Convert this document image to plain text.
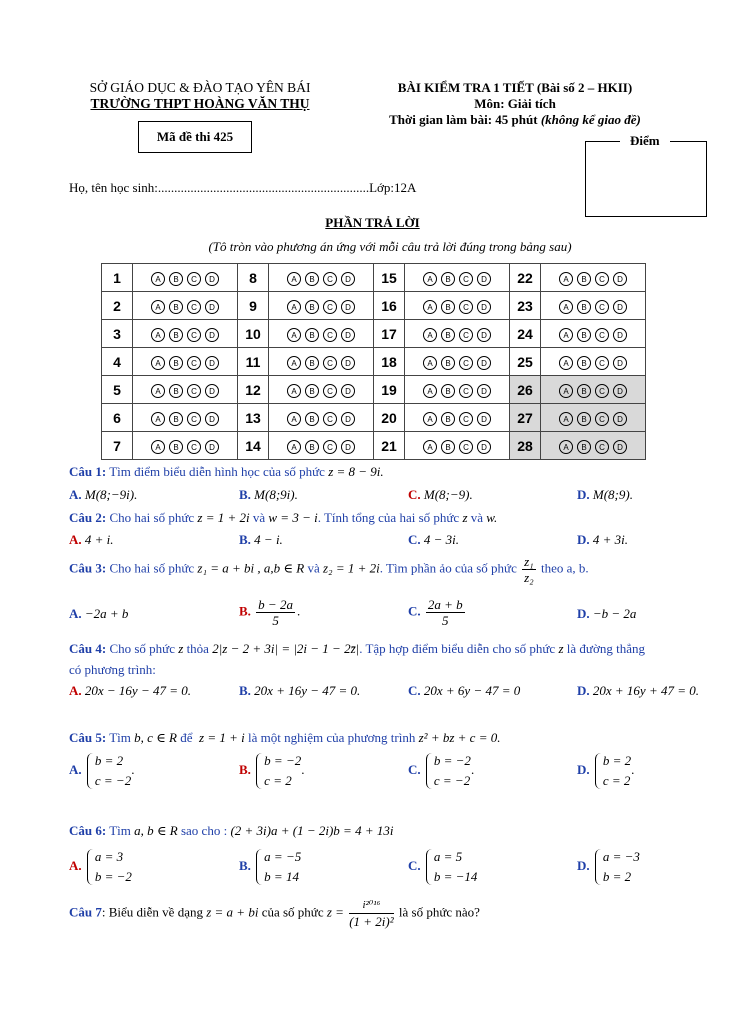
SỞ GIÁO DỤC & ĐÀO TẠO YÊN BÁI
TRƯỜNG THPT HOÀNG VĂN THỤ
Mã đề thi 425
BÀI KIỂM TRA 1 TIẾT (Bài số 2 – HKII)
Môn: Giải tích
Thời gian làm bài: 45 phút (không kể giao đề)
Điểm
Họ, tên học sinh:.................................................................Lớp:12A
PHẦN TRẢ LỜI
(Tô tròn vào phương án ứng với mỗi câu trả lời đúng trong bảng sau)
1	A B C D	8	A B C D	15	A B C D	22	A B C D
2	A B C D	9	A B C D	16	A B C D	23	A B C D
3	A B C D	10	A B C D	17	A B C D	24	A B C D
4	A B C D	11	A B C D	18	A B C D	25	A B C D
5	A B C D	12	A B C D	19	A B C D	26	A B C D
6	A B C D	13	A B C D	20	A B C D	27	A B C D
7	A B C D	14	A B C D	21	A B C D	28	A B C D
Câu 1: Tìm điểm biểu diễn hình học của số phức z = 8 − 9i.
A. M(8;−9i).	B. M(8;9i).	C. M(8;−9).	D. M(8;9).
Câu 2: Cho hai số phức z = 1 + 2i và w = 3 − i. Tính tổng của hai số phức z và w.
A. 4 + i.	B. 4 − i.	C. 4 − 3i.	D. 4 + 3i.
Câu 3: Cho hai số phức z₁ = a + bi , a,b ∈ R và z₂ = 1 + 2i. Tìm phần ảo của số phức $\frac{\text{z₁}}{\text{z₂}}$ theo a, b.
A. −2a + b	B. $\frac{b - 2a}{5}$ .	C. $\frac{2a + b}{5}$	D. −b − 2a
Câu 4: Cho số phức z thỏa 2|z − 2 + 3i| = |2i − 1 − 2z̄|. Tập hợp điểm biểu diễn cho số phức z là đường thẳng
có phương trình:
A. 20x − 16y − 47 = 0.	B. 20x + 16y − 47 = 0.	C. 20x + 6y − 47 = 0	D. 20x + 16y + 47 = 0.
Câu 5: Tìm b, c ∈ R để z = 1 + i là một nghiệm của phương trình z² + bz + c = 0.
A.
b = 2
c = −2
.	B.
b = −2
c = 2
.	C.
b = −2
c = −2
.	D.
b = 2
c = 2
.
Câu 6: Tìm a, b ∈ R sao cho : (2 + 3i)a + (1 − 2i)b = 4 + 13i
A.
a = 3
b = −2
B.
a = −5
b = 14
C.
a = 5
b = −14
D.
a = −3
b = 2
Câu 7: Biểu diễn về dạng z = a + bi của số phức $z = \frac{\text{i²⁰¹⁶}}{\text{(1 + 2i)²}}$ là số phức nào?
